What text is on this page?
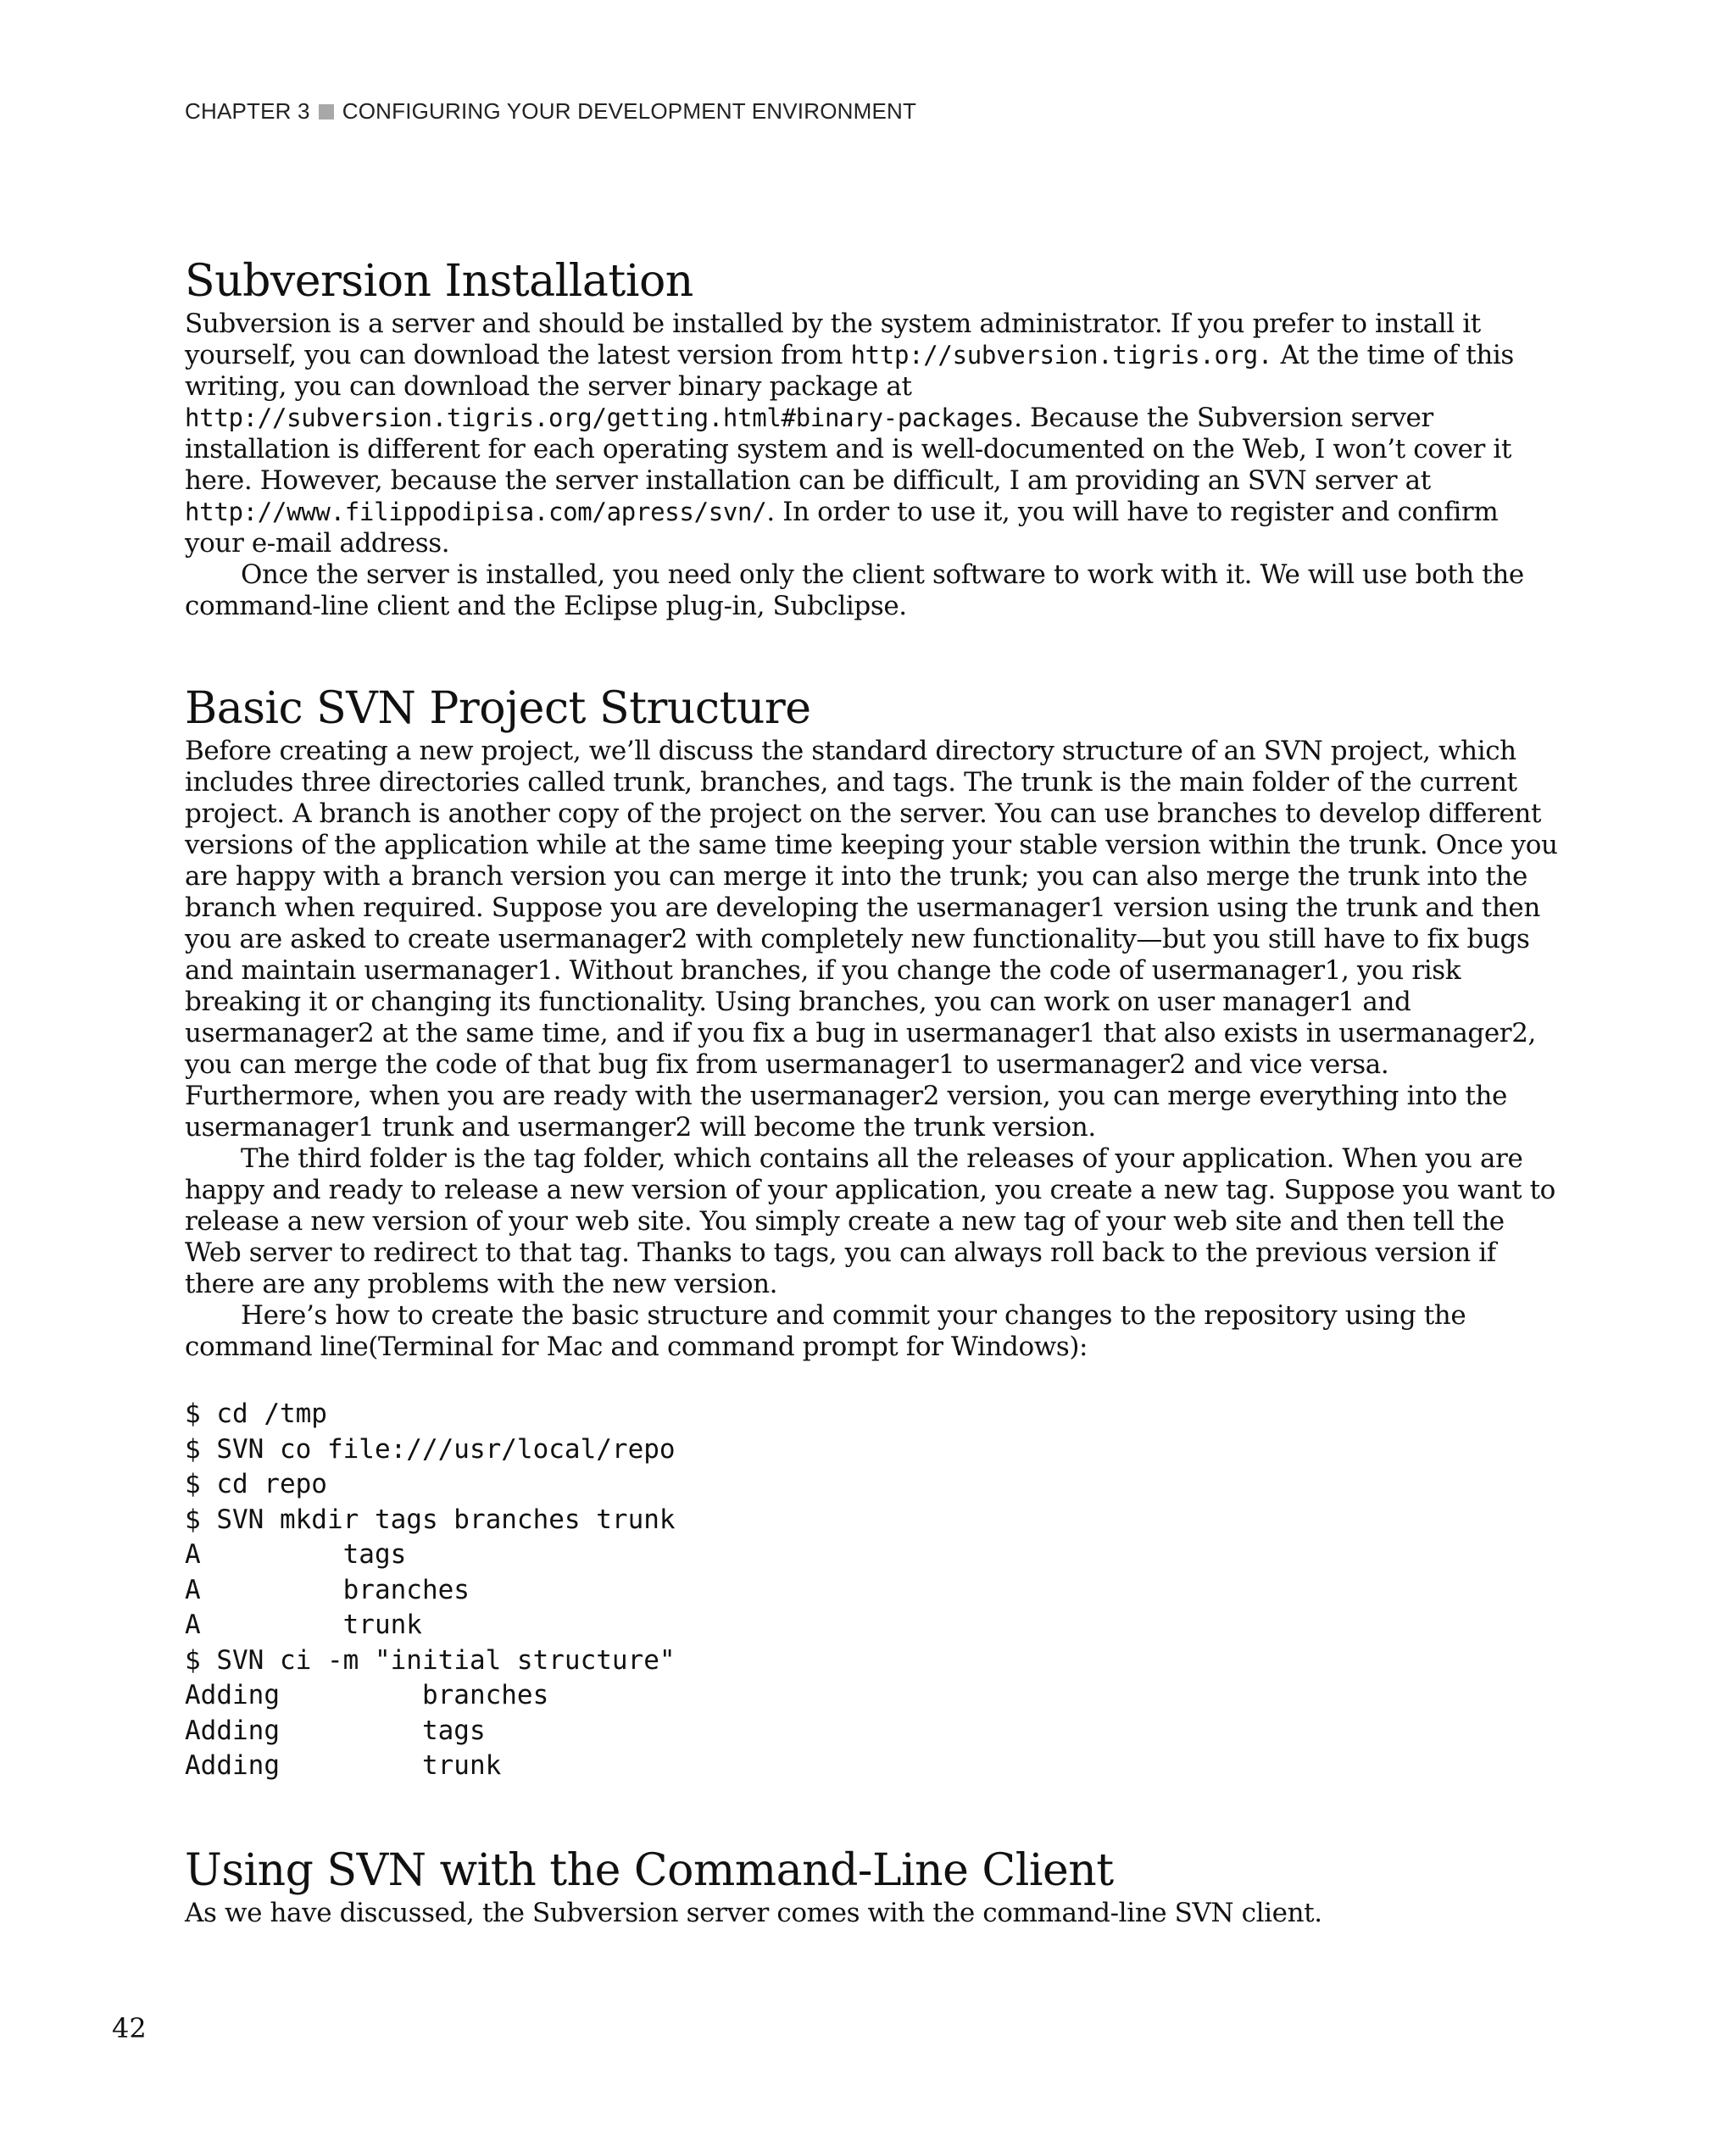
CHAPTER 3 CONFIGURING YOUR DEVELOPMENT ENVIRONMENT
Subversion Installation

Subversion is a server and should be installed by the system administrator. If you prefer to install it yourself, you can download the latest version from http://subversion.tigris.org. At the time of this writing, you can download the server binary package at http://subversion.tigris.org/getting.html#binary-packages. Because the Subversion server installation is different for each operating system and is well-documented on the Web, I won’t cover it here. However, because the server installation can be difficult, I am providing an SVN server at http://www.filippodipisa.com/apress/svn/. In order to use it, you will have to register and confirm your e-mail address.

Once the server is installed, you need only the client software to work with it. We will use both the command-line client and the Eclipse plug-in, Subclipse.

Basic SVN Project Structure

Before creating a new project, we’ll discuss the standard directory structure of an SVN project, which includes three directories called trunk, branches, and tags. The trunk is the main folder of the current project. A branch is another copy of the project on the server. You can use branches to develop different versions of the application while at the same time keeping your stable version within the trunk. Once you are happy with a branch version you can merge it into the trunk; you can also merge the trunk into the branch when required. Suppose you are developing the usermanager1 version using the trunk and then you are asked to create usermanager2 with completely new functionality—but you still have to fix bugs and maintain usermanager1. Without branches, if you change the code of usermanager1, you risk breaking it or changing its functionality. Using branches, you can work on user manager1 and usermanager2 at the same time, and if you fix a bug in usermanager1 that also exists in usermanager2, you can merge the code of that bug fix from usermanager1 to usermanager2 and vice versa. Furthermore, when you are ready with the usermanager2 version, you can merge everything into the usermanager1 trunk and usermanger2 will become the trunk version.

The third folder is the tag folder, which contains all the releases of your application. When you are happy and ready to release a new version of your application, you create a new tag. Suppose you want to release a new version of your web site. You simply create a new tag of your web site and then tell the Web server to redirect to that tag. Thanks to tags, you can always roll back to the previous version if there are any problems with the new version.

Here’s how to create the basic structure and commit your changes to the repository using the command line(Terminal for Mac and command prompt for Windows):

$ cd /tmp
$ SVN co file:///usr/local/repo
$ cd repo
$ SVN mkdir tags branches trunk
A         tags
A         branches
A         trunk
$ SVN ci -m "initial structure"
Adding         branches
Adding         tags
Adding         trunk
Using SVN with the Command-Line Client

As we have discussed, the Subversion server comes with the command-line SVN client.

42
